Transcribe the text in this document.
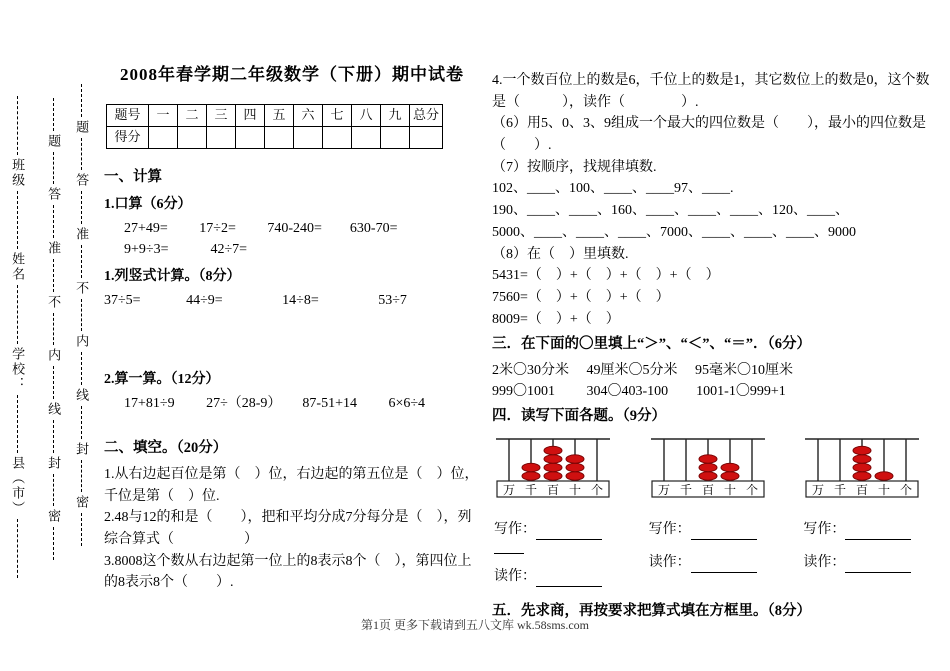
班级
姓名
学校：
县（市）
题
答
准
不
内
线
封
密
题
答
准
不
内
线
封
密
2008年春学期二年级数学（下册）期中试卷
题号	一	二	三	四	五	六	七	八	九	总分
得分										
一、计算
1.口算（6分）
27+49=　　 17÷2=　　 740-240=　　630-70=
9+9÷3=　　　42÷7=
1.列竖式计算。（8分）
37÷5=　　　 44÷9=　　　　 14÷8=　　　　 53÷7
2.算一算。（12分）
17+81÷9　　 27÷（28-9）　　87-51+14　　 6×6÷4
二、填空。（20分）
1.从右边起百位是第（　）位，右边起的第五位是（　）位，千位是第（　）位.
2.48与12的和是（　　），把和平均分成7分每分是（　），列综合算式（　　　　　）
3.8008这个数从右边起第一位上的8表示8个（　），第四位上的8表示8个（　　）.
4.一个数百位上的数是6，千位上的数是1，其它数位上的数是0，这个数是（　　　），读作（　　　　）.
（6）用5、0、3、9组成一个最大的四位数是（　　），最小的四位数是（　　）.
（7）按顺序，找规律填数.
102、____、100、____、____97、____.
190、____、____、160、____、____、____、120、____、
5000、____、____、____、7000、____、____、____、9000
（8）在（　）里填数.
5431=（　）+（　）+（　）+（　）
7560=（　）+（　）+（　）
8009=（　）+（　）
三．在下面的〇里填上“＞”、“＜”、“＝”．（6分）
2米〇30分米　 49厘米〇5分米　 95毫米〇10厘米
999〇1001　　 304〇403-100　　1001-1〇999+1
四．读写下面各题。（9分）
万 千 百 十 个
写作：
读作：
万 千 百 十 个
写作：
读作：
万 千 百 十 个
写作：
读作：
五．先求商，再按要求把算式填在方框里。（8分）
第1页 更多下载请到五八文库 wk.58sms.com
